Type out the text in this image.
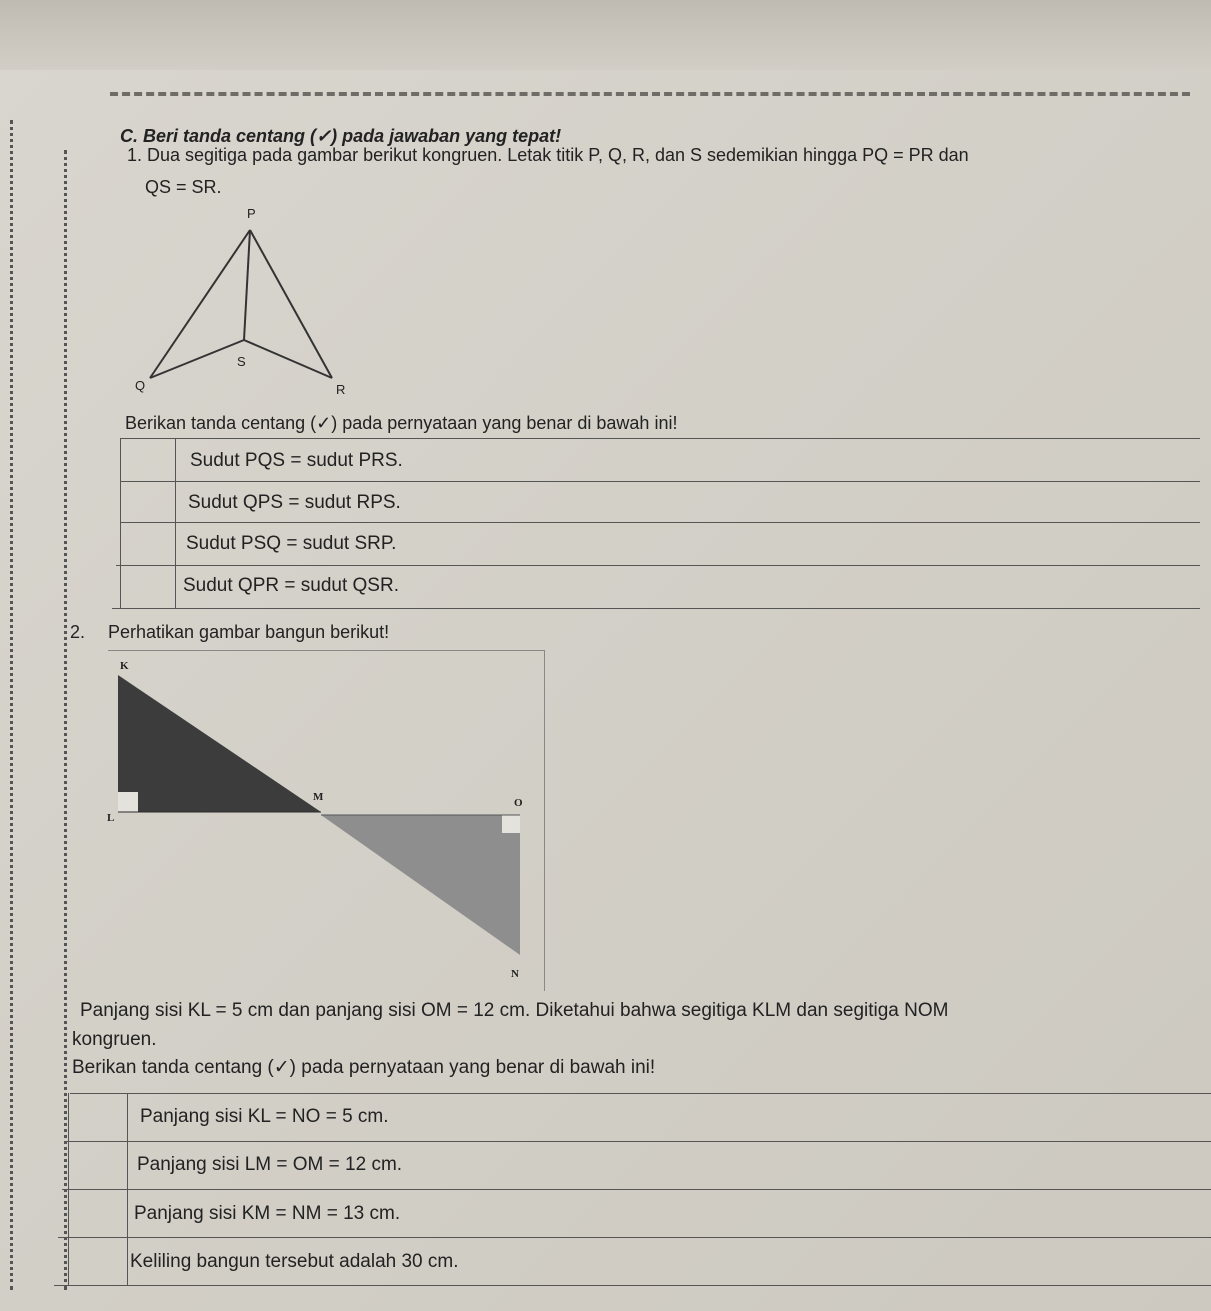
C. Beri tanda centang (✓) pada jawaban yang tepat!
1. Dua segitiga pada gambar berikut kongruen. Letak titik P, Q, R, dan S sedemikian hingga PQ = PR dan
QS = SR.
P
Q	R
S
Berikan tanda centang (✓) pada pernyataan yang benar di bawah ini!
Sudut PQS = sudut PRS.
Sudut QPS = sudut RPS.
Sudut PSQ = sudut SRP.
Sudut QPR = sudut QSR.
2. Perhatikan gambar bangun berikut!
K
L
M	O
N
Panjang sisi KL = 5 cm dan panjang sisi OM = 12 cm. Diketahui bahwa segitiga KLM dan segitiga NOM
kongruen.
Berikan tanda centang (✓) pada pernyataan yang benar di bawah ini!
Panjang sisi KL = NO = 5 cm.
Panjang sisi LM = OM = 12 cm.
Panjang sisi KM = NM = 13 cm.
Keliling bangun tersebut adalah 30 cm.
